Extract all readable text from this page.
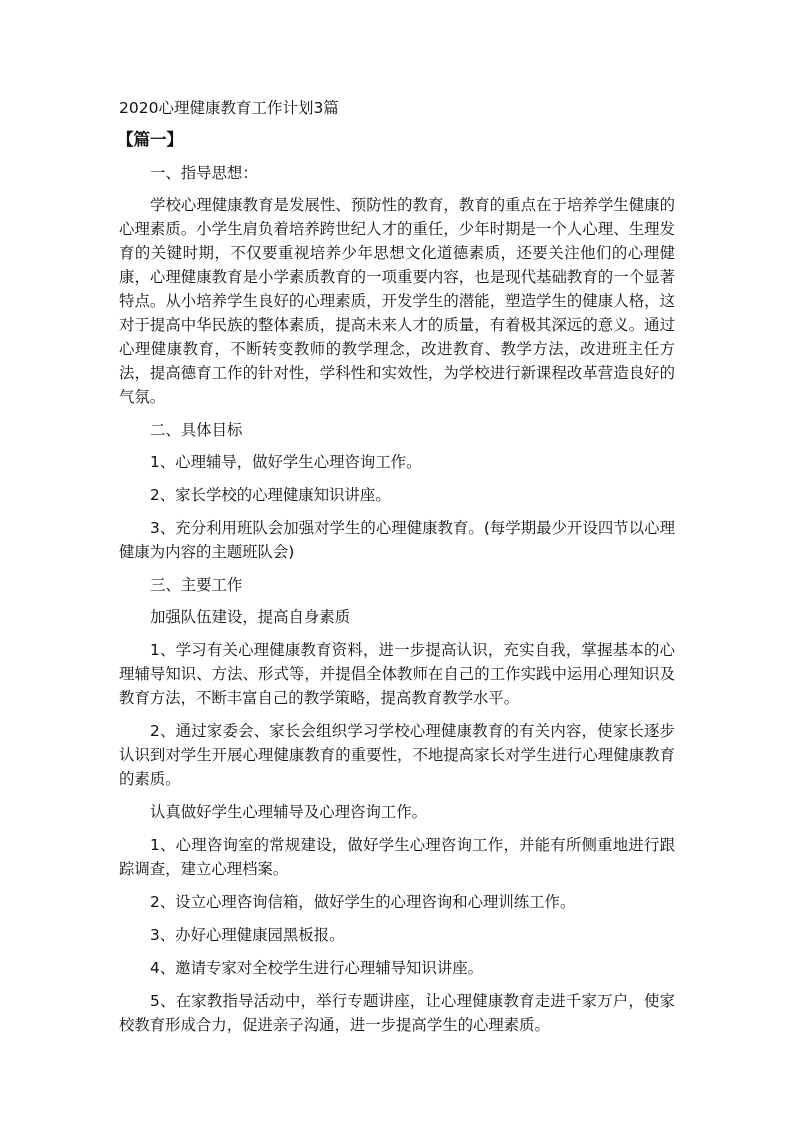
2020心理健康教育工作计划3篇
【篇一】

一、指导思想：

学校心理健康教育是发展性、预防性的教育，教育的重点在于培养学生健康的心理素质。小学生肩负着培养跨世纪人才的重任，少年时期是一个人心理、生理发育的关键时期，不仅要重视培养少年思想文化道德素质，还要关注他们的心理健康，心理健康教育是小学素质教育的一项重要内容，也是现代基础教育的一个显著特点。从小培养学生良好的心理素质，开发学生的潜能，塑造学生的健康人格，这对于提高中华民族的整体素质，提高未来人才的质量，有着极其深远的意义。通过心理健康教育，不断转变教师的教学理念，改进教育、教学方法，改进班主任方法，提高德育工作的针对性，学科性和实效性，为学校进行新课程改革营造良好的气氛。

二、具体目标

1、心理辅导，做好学生心理咨询工作。

2、家长学校的心理健康知识讲座。

3、充分利用班队会加强对学生的心理健康教育。(每学期最少开设四节以心理健康为内容的主题班队会)

三、主要工作

加强队伍建设，提高自身素质

1、学习有关心理健康教育资料，进一步提高认识，充实自我，掌握基本的心理辅导知识、方法、形式等，并提倡全体教师在自己的工作实践中运用心理知识及教育方法，不断丰富自己的教学策略，提高教育教学水平。

2、通过家委会、家长会组织学习学校心理健康教育的有关内容，使家长逐步认识到对学生开展心理健康教育的重要性，不地提高家长对学生进行心理健康教育的素质。

认真做好学生心理辅导及心理咨询工作。

1、心理咨询室的常规建设，做好学生心理咨询工作，并能有所侧重地进行跟踪调查，建立心理档案。

2、设立心理咨询信箱，做好学生的心理咨询和心理训练工作。

3、办好心理健康园黑板报。

4、邀请专家对全校学生进行心理辅导知识讲座。

5、在家教指导活动中，举行专题讲座，让心理健康教育走进千家万户，使家校教育形成合力，促进亲子沟通，进一步提高学生的心理素质。
